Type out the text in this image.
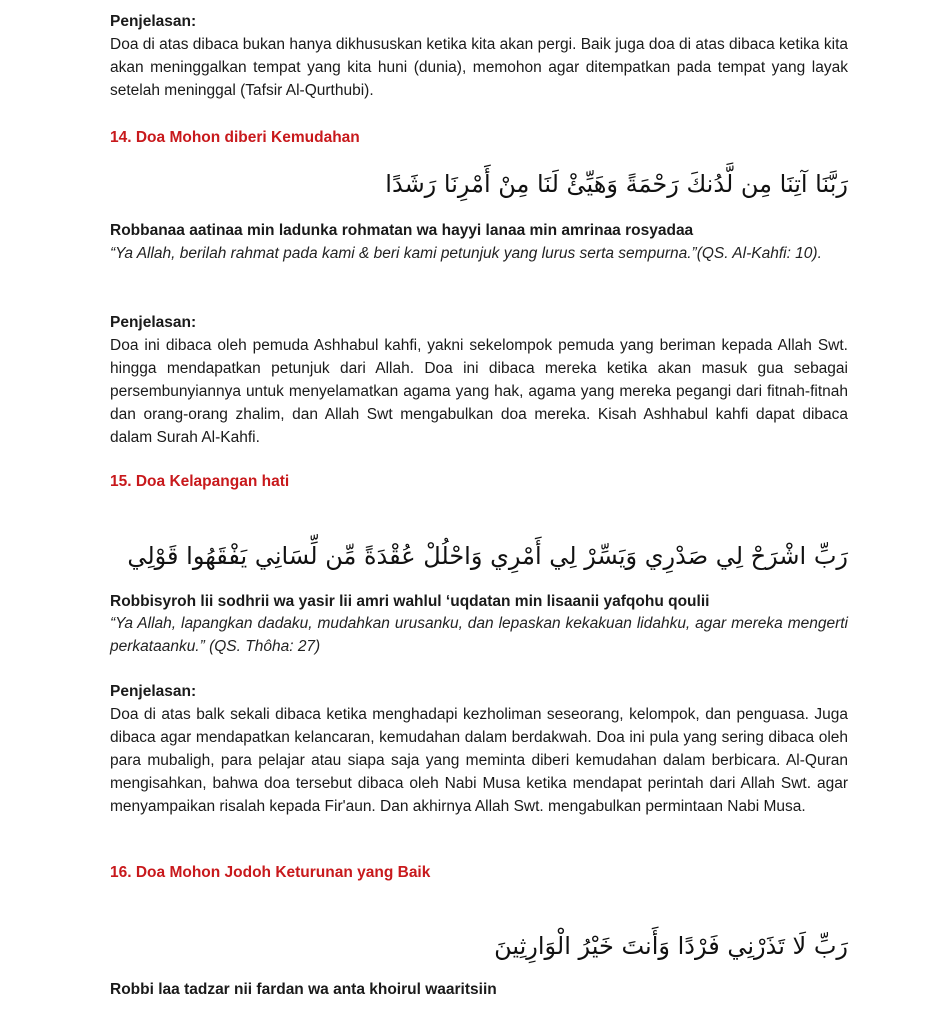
Penjelasan:

Doa di atas dibaca bukan hanya dikhususkan ketika kita akan pergi. Baik juga doa di atas dibaca ketika kita akan meninggalkan tempat yang kita huni (dunia), memohon agar ditempatkan pada tempat yang layak setelah meninggal (Tafsir Al-Qurthubi).

14. Doa Mohon diberi Kemudahan

رَبَّنَا آتِنَا مِن لَّدُنكَ رَحْمَةً وَهَيِّئْ لَنَا مِنْ أَمْرِنَا رَشَدًا

Robbanaa aatinaa min ladunka rohmatan wa hayyi lanaa min amrinaa rosyadaa

“Ya Allah, berilah rahmat pada kami & beri kami petunjuk yang lurus serta sempurna.”(QS. Al-Kahfi: 10).

Penjelasan:

Doa ini dibaca oleh pemuda Ashhabul kahfi, yakni sekelompok pemuda yang beriman kepada Allah Swt. hingga mendapatkan petunjuk dari Allah. Doa ini dibaca mereka ketika akan masuk gua sebagai persembunyiannya untuk menyelamatkan agama yang hak, agama yang mereka pegangi dari fitnah-fitnah dan orang-orang zhalim, dan Allah Swt mengabulkan doa mereka. Kisah Ashhabul kahfi dapat dibaca dalam Surah Al-Kahfi.

15. Doa Kelapangan hati

رَبِّ اشْرَحْ لِي صَدْرِي وَيَسِّرْ لِي أَمْرِي وَاحْلُلْ عُقْدَةً مِّن لِّسَانِي يَفْقَهُوا قَوْلِي

Robbisyroh lii sodhrii wa yasir lii amri wahlul ‘uqdatan min lisaanii yafqohu qoulii

“Ya Allah, lapangkan dadaku, mudahkan urusanku, dan lepaskan kekakuan lidahku, agar mereka mengerti perkataanku.” (QS. Thôha: 27)

Penjelasan:

Doa di atas balk sekali dibaca ketika menghadapi kezholiman seseorang, kelompok, dan penguasa. Juga dibaca agar mendapatkan kelancaran, kemudahan dalam berdakwah. Doa ini pula yang sering dibaca oleh para mubaligh, para pelajar atau siapa saja yang meminta diberi kemudahan dalam berbicara. Al-Quran mengisahkan, bahwa doa tersebut dibaca oleh Nabi Musa ketika mendapat perintah dari Allah Swt. agar menyampaikan risalah kepada Fir'aun. Dan akhirnya Allah Swt. mengabulkan permintaan Nabi Musa.

16. Doa Mohon Jodoh Keturunan yang Baik

رَبِّ لَا تَذَرْنِي فَرْدًا وَأَنتَ خَيْرُ الْوَارِثِينَ

Robbi laa tadzar nii fardan wa anta khoirul waaritsiin
